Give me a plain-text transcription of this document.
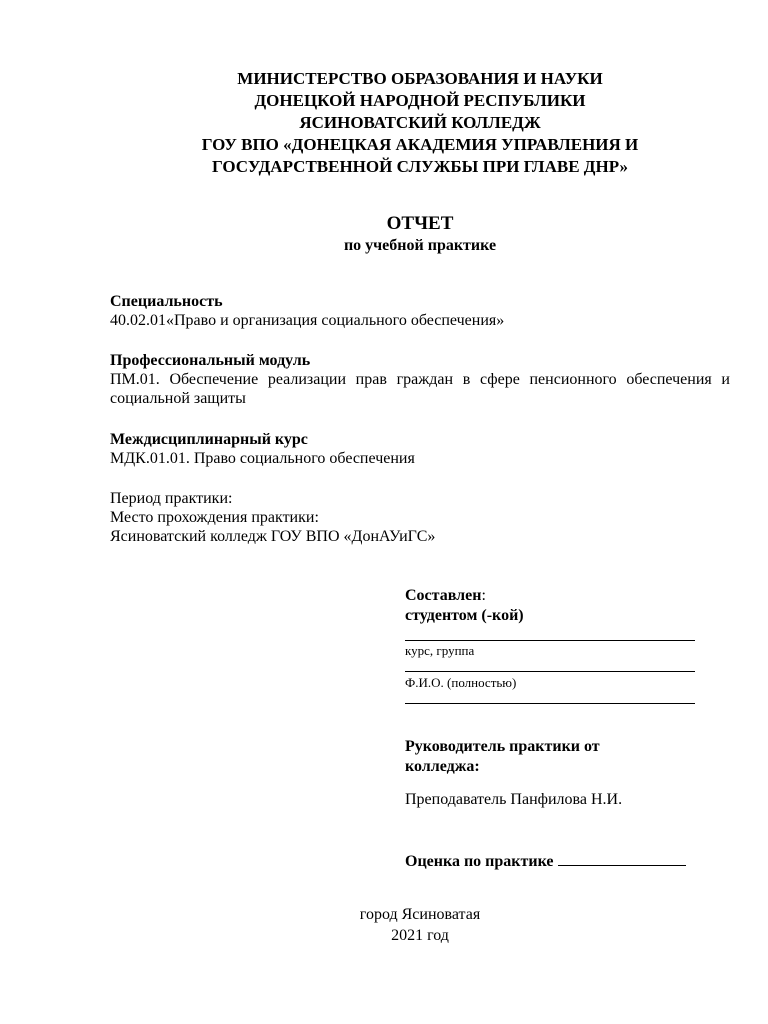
МИНИСТЕРСТВО ОБРАЗОВАНИЯ И НАУКИ
ДОНЕЦКОЙ НАРОДНОЙ РЕСПУБЛИКИ
ЯСИНОВАТСКИЙ КОЛЛЕДЖ
ГОУ ВПО «ДОНЕЦКАЯ АКАДЕМИЯ УПРАВЛЕНИЯ И
ГОСУДАРСТВЕННОЙ СЛУЖБЫ ПРИ ГЛАВЕ ДНР»
ОТЧЕТ
по учебной практике
Специальность
40.02.01«Право и организация социального обеспечения»
Профессиональный модуль
ПМ.01. Обеспечение реализации прав граждан в сфере пенсионного обеспечения и социальной защиты
Междисциплинарный курс
МДК.01.01. Право социального обеспечения
Период практики:
Место прохождения практики:
Ясиноватский колледж ГОУ ВПО «ДонАУиГС»
Составлен:
студентом (-кой)
курс, группа
Ф.И.О. (полностью)
Руководитель практики от
колледжа:
Преподаватель Панфилова Н.И.
Оценка по практике
город Ясиноватая
2021 год
